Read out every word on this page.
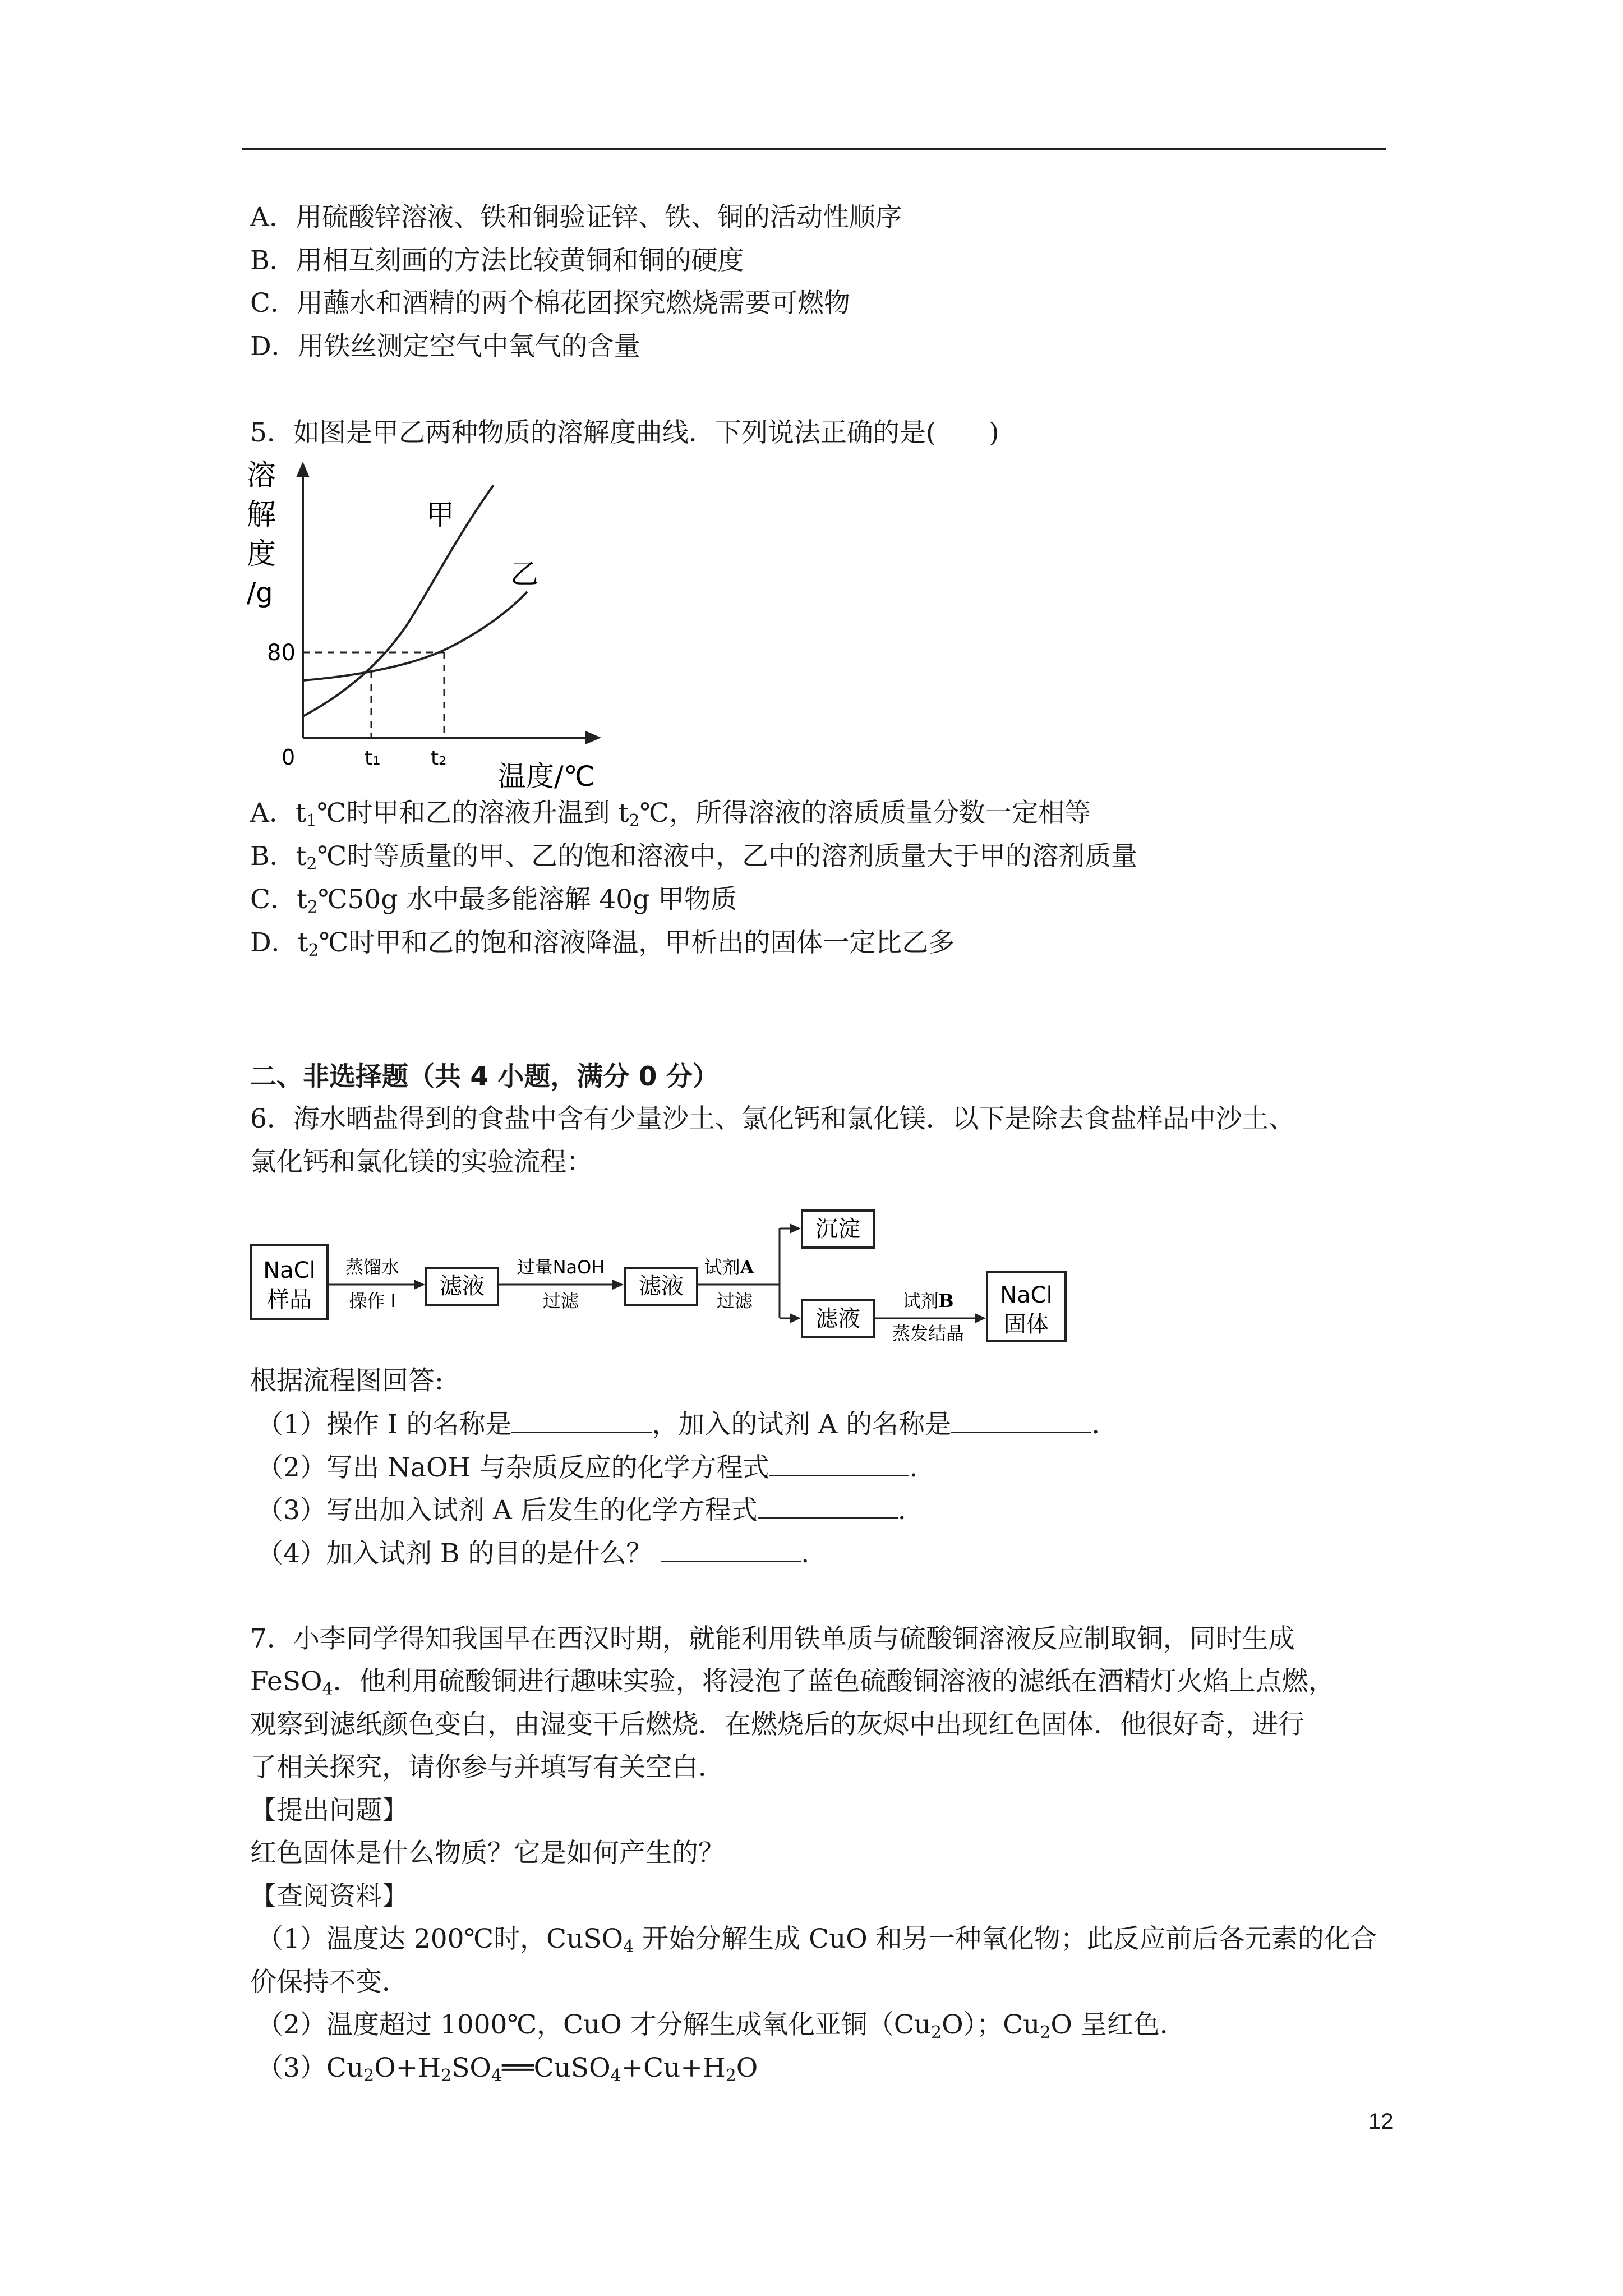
A．用硫酸锌溶液、铁和铜验证锌、铁、铜的活动性顺序
B．用相互刻画的方法比较黄铜和铜的硬度
C．用蘸水和酒精的两个棉花团探究燃烧需要可燃物
D．用铁丝测定空气中氧气的含量
5．如图是甲乙两种物质的溶解度曲线．下列说法正确的是(　　)
溶
解
度
/g
80
0	t₁ t₂
温度/℃
甲
乙
A．$t_1℃$时甲和乙的溶液升温到 $t_2℃$，所得溶液的溶质质量分数一定相等
B．$t_2℃$时等质量的甲、乙的饱和溶液中，乙中的溶剂质量大于甲的溶剂质量
C．$t_2℃50g$ 水中最多能溶解 40g 甲物质
D．$t_2℃$时甲和乙的饱和溶液降温，甲析出的固体一定比乙多
二、非选择题（共 4 小题，满分 0 分）
6．海水晒盐得到的食盐中含有少量沙土、氯化钙和氯化镁．以下是除去食盐样品中沙土、
氯化钙和氯化镁的实验流程：
NaCl
样品
蒸馏水
操作 I
滤液
过量NaOH
过滤
滤液
试剂A
过滤
沉淀
滤液
试剂B
蒸发结晶
NaCl
固体
根据流程图回答:
（1）操作 I 的名称是	，加入的试剂 A 的名称是	.
（2）写出 NaOH 与杂质反应的化学方程式	.
（3）写出加入试剂 A 后发生的化学方程式	.
（4）加入试剂 B 的目的是什么？	.
7．小李同学得知我国早在西汉时期，就能利用铁单质与硫酸铜溶液反应制取铜，同时生成
FeSO$_4$．他利用硫酸铜进行趣味实验，将浸泡了蓝色硫酸铜溶液的滤纸在酒精灯火焰上点燃，
观察到滤纸颜色变白，由湿变干后燃烧．在燃烧后的灰烬中出现红色固体．他很好奇，进行
了相关探究，请你参与并填写有关空白．
【提出问题】
红色固体是什么物质？它是如何产生的？
【查阅资料】
（1）温度达 200℃时，CuSO$_4$ 开始分解生成 CuO 和另一种氧化物；此反应前后各元素的化合
价保持不变．
（2）温度超过 1000℃，CuO 才分解生成氧化亚铜$(Cu_2O)$；$Cu_2O$ 呈红色．
$(3)Cu_2O+H_2SO_4══CuSO_4+Cu+H_2O$
12
